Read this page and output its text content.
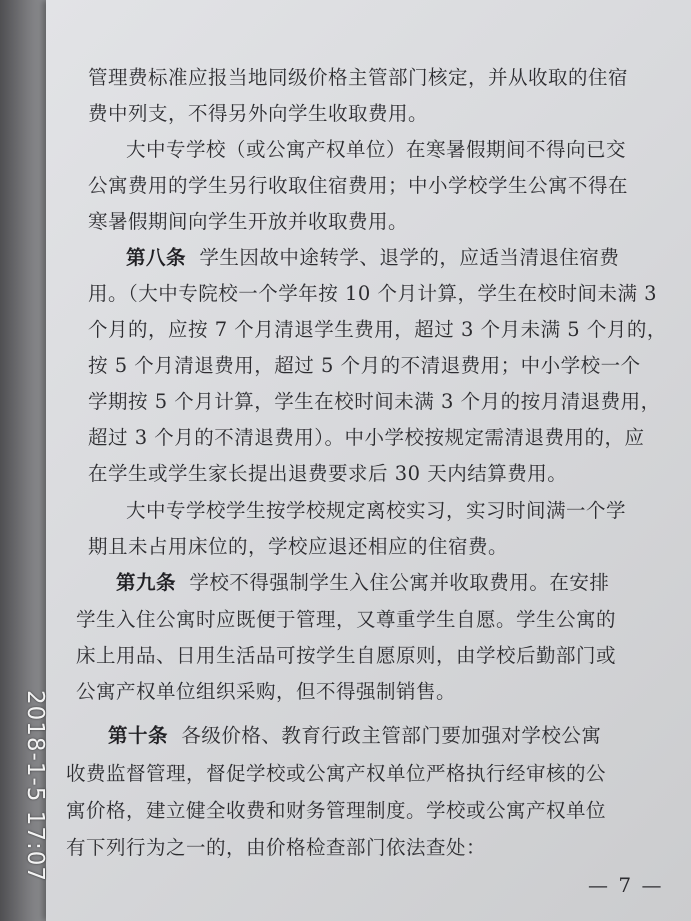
管理费标准应报当地同级价格主管部门核定，并从收取的住宿
费中列支，不得另外向学生收取费用。
大中专学校（或公寓产权单位）在寒暑假期间不得向已交
公寓费用的学生另行收取住宿费用；中小学校学生公寓不得在
寒暑假期间向学生开放并收取费用。
第八条 学生因故中途转学、退学的，应适当清退住宿费
用。（大中专院校一个学年按 10 个月计算，学生在校时间未满 3
个月的，应按 7 个月清退学生费用，超过 3 个月未满 5 个月的，
按 5 个月清退费用，超过 5 个月的不清退费用；中小学校一个
学期按 5 个月计算，学生在校时间未满 3 个月的按月清退费用，
超过 3 个月的不清退费用）。中小学校按规定需清退费用的，应
在学生或学生家长提出退费要求后 30 天内结算费用。
大中专学校学生按学校规定离校实习，实习时间满一个学
期且未占用床位的，学校应退还相应的住宿费。
第九条 学校不得强制学生入住公寓并收取费用。在安排
学生入住公寓时应既便于管理，又尊重学生自愿。学生公寓的
床上用品、日用生活品可按学生自愿原则，由学校后勤部门或
公寓产权单位组织采购，但不得强制销售。
第十条 各级价格、教育行政主管部门要加强对学校公寓
收费监督管理，督促学校或公寓产权单位严格执行经审核的公
寓价格，建立健全收费和财务管理制度。学校或公寓产权单位
有下列行为之一的，由价格检查部门依法查处：
— 7 —
2018-1-5 17:07
